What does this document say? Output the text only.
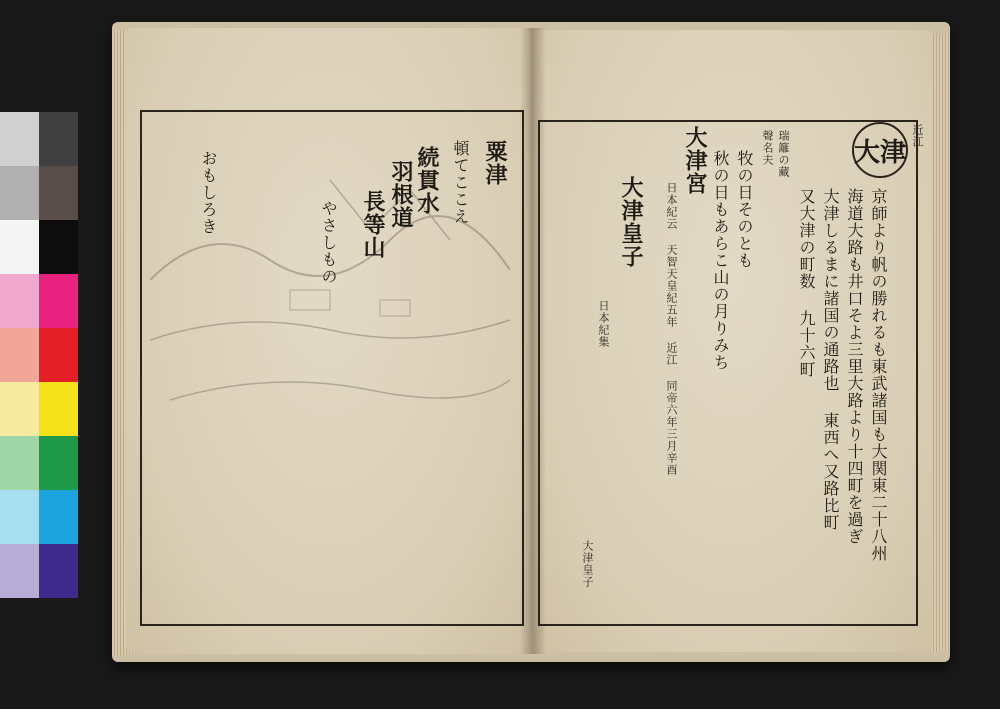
大津
近江
京師より帆の勝れるも東武諸国も大関東二十八州
海道大路も井口そよ三里大路より十四町を過ぎ
大津しるまに諸国の通路也 東西へ又路比町
又大津の町数 九十六町
瑞籬の藏
聲名夫
牧の日そのとも
秋の日もあらこ山の月りみち
大津宮
日本紀云 天智天皇紀五年 近江 同帝六年三月辛酉
大津皇子
日本紀集
大津皇子
粟津
頓てここえ
続貫水
羽根道
長等山
やさしもの
おもしろき
